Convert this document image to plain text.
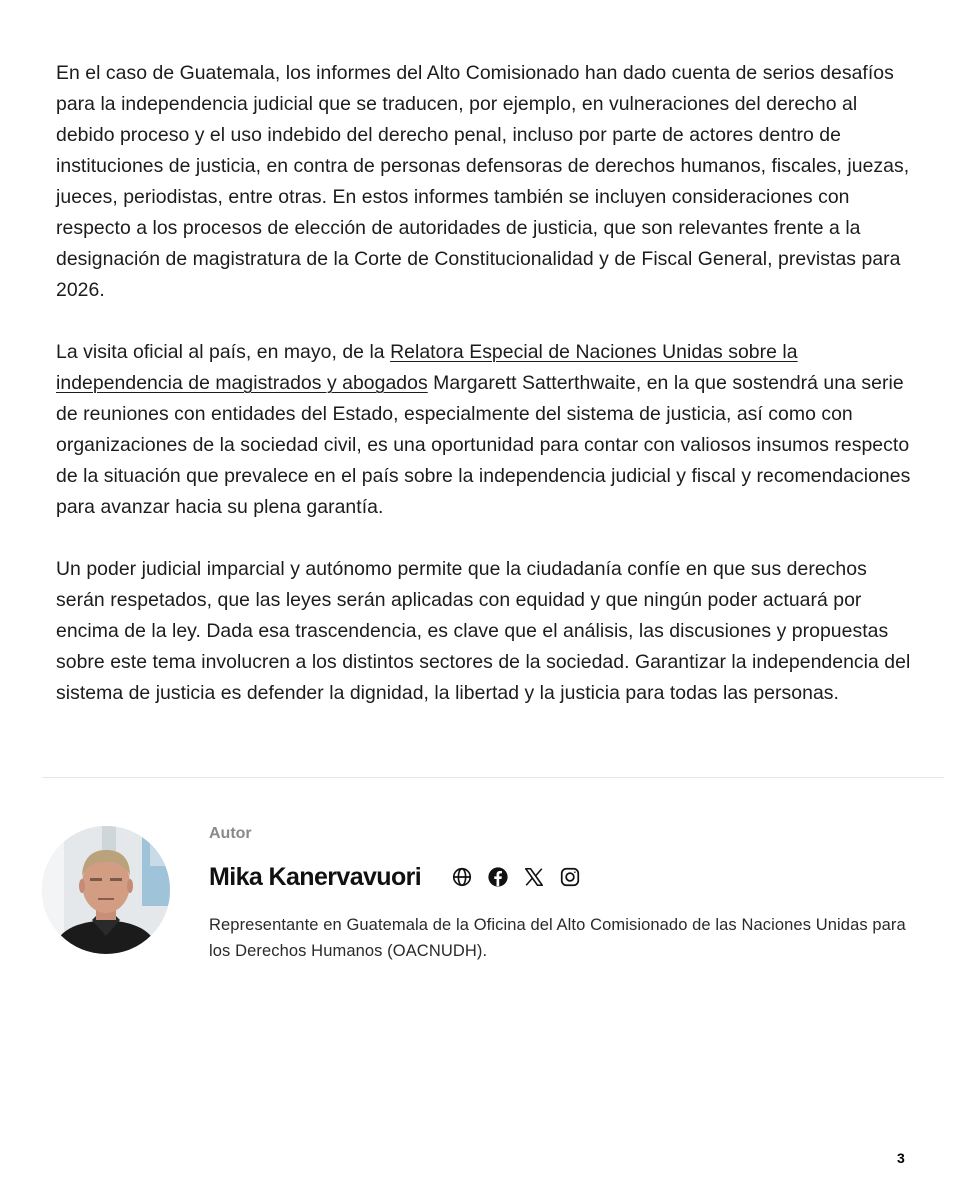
En el caso de Guatemala, los informes del Alto Comisionado han dado cuenta de serios desafíos para la independencia judicial que se traducen, por ejemplo, en vulneraciones del derecho al debido proceso y el uso indebido del derecho penal, incluso por parte de actores dentro de instituciones de justicia, en contra de personas defensoras de derechos humanos, fiscales, juezas, jueces, periodistas, entre otras. En estos informes también se incluyen consideraciones con respecto a los procesos de elección de autoridades de justicia, que son relevantes frente a la designación de magistratura de la Corte de Constitucionalidad y de Fiscal General, previstas para 2026.

La visita oficial al país, en mayo, de la Relatora Especial de Naciones Unidas sobre la independencia de magistrados y abogados Margarett Satterthwaite, en la que sostendrá una serie de reuniones con entidades del Estado, especialmente del sistema de justicia, así como con organizaciones de la sociedad civil, es una oportunidad para contar con valiosos insumos respecto de la situación que prevalece en el país sobre la independencia judicial y fiscal y recomendaciones para avanzar hacia su plena garantía.

Un poder judicial imparcial y autónomo permite que la ciudadanía confíe en que sus derechos serán respetados, que las leyes serán aplicadas con equidad y que ningún poder actuará por encima de la ley. Dada esa trascendencia, es clave que el análisis, las discusiones y propuestas sobre este tema involucren a los distintos sectores de la sociedad. Garantizar la independencia del sistema de justicia es defender la dignidad, la libertad y la justicia para todas las personas.

Autor
Mika Kanervavuori
Representante en Guatemala de la Oficina del Alto Comisionado de las Naciones Unidas para los Derechos Humanos (OACNUDH).
3
